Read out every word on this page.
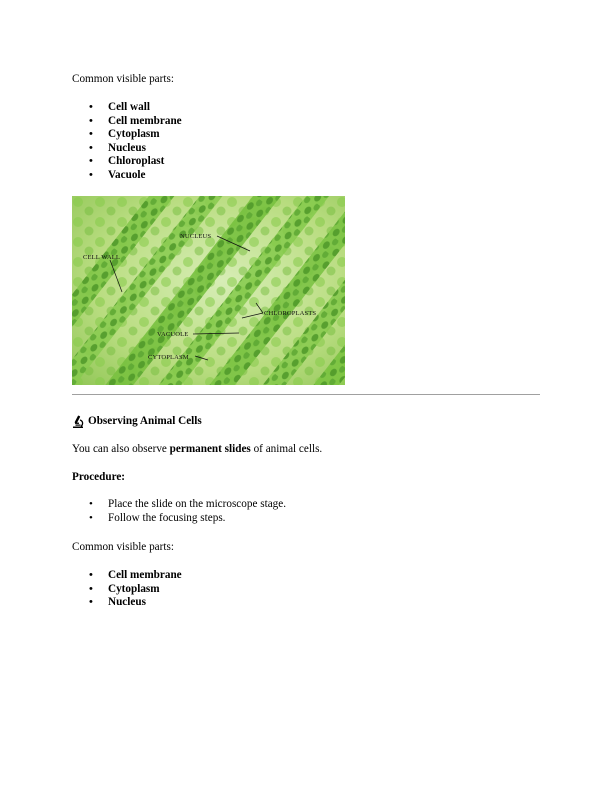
Common visible parts:

• Cell wall
• Cell membrane
• Cytoplasm
• Nucleus
• Chloroplast
• Vacuole
NUCLEUS
CELL WALL
CHLOROPLASTS
VACUOLE
CYTOPLASM
Observing Animal Cells

You can also observe permanent slides of animal cells.

Procedure:

• Place the slide on the microscope stage.
• Follow the focusing steps.

Common visible parts:

• Cell membrane
• Cytoplasm
• Nucleus
